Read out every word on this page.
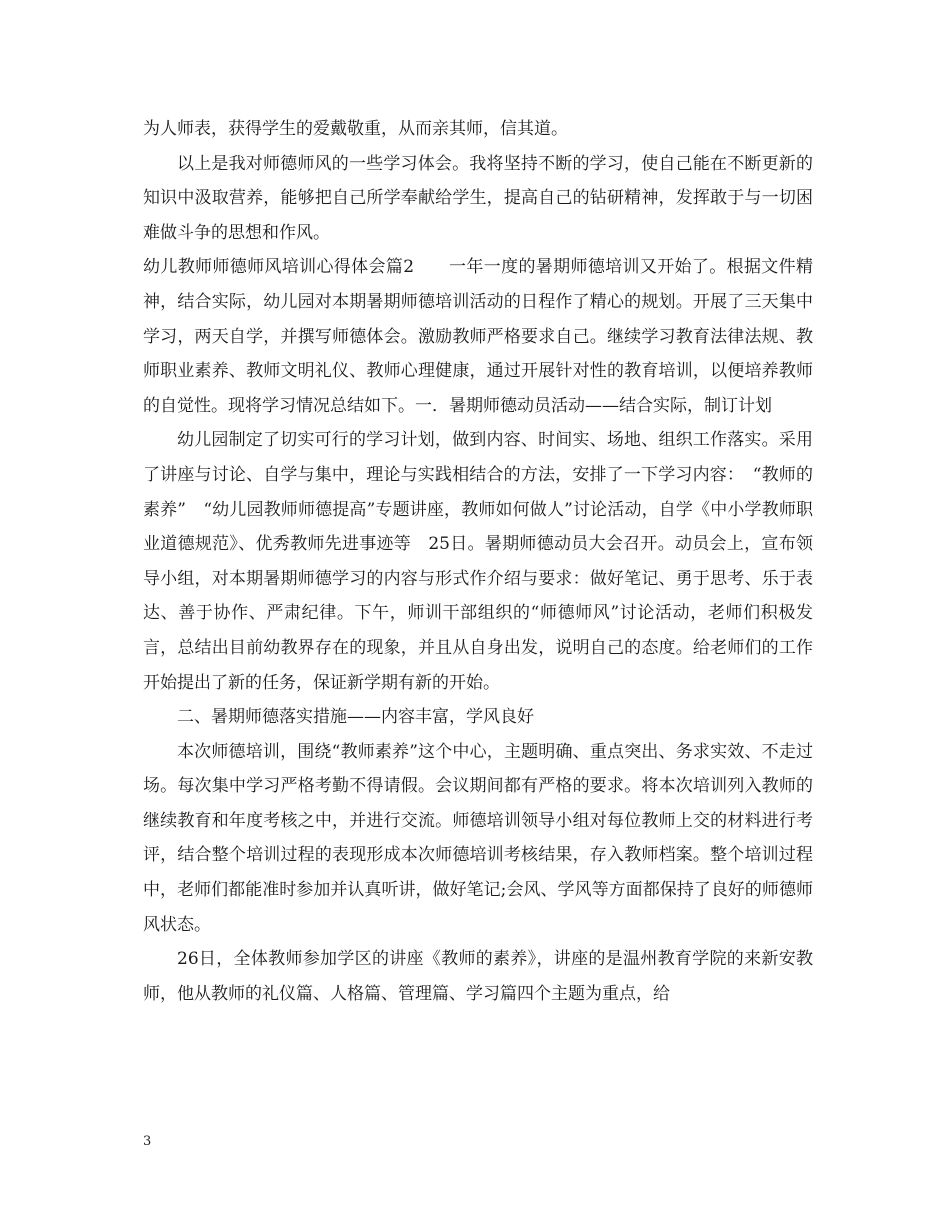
为人师表，获得学生的爱戴敬重，从而亲其师，信其道。

以上是我对师德师风的一些学习体会。我将坚持不断的学习，使自己能在不断更新的知识中汲取营养，能够把自己所学奉献给学生，提高自己的钻研精神，发挥敢于与一切困难做斗争的思想和作风。

幼儿教师师德师风培训心得体会篇2　　一年一度的暑期师德培训又开始了。根据文件精神，结合实际，幼儿园对本期暑期师德培训活动的日程作了精心的规划。开展了三天集中学习，两天自学，并撰写师德体会。激励教师严格要求自己。继续学习教育法律法规、教师职业素养、教师文明礼仪、教师心理健康，通过开展针对性的教育培训，以便培养教师的自觉性。现将学习情况总结如下。一．暑期师德动员活动——结合实际，制订计划

幼儿园制定了切实可行的学习计划，做到内容、时间实、场地、组织工作落实。采用了讲座与讨论、自学与集中，理论与实践相结合的方法，安排了一下学习内容：　“教师的素养”　“幼儿园教师师德提高”专题讲座，教师如何做人”讨论活动，自学《中小学教师职业道德规范》、优秀教师先进事迹等　25日。暑期师德动员大会召开。动员会上，宣布领导小组，对本期暑期师德学习的内容与形式作介绍与要求：做好笔记、勇于思考、乐于表达、善于协作、严肃纪律。下午，师训干部组织的“师德师风”讨论活动，老师们积极发言，总结出目前幼教界存在的现象，并且从自身出发，说明自己的态度。给老师们的工作开始提出了新的任务，保证新学期有新的开始。

二、暑期师德落实措施——内容丰富，学风良好

本次师德培训，围绕“教师素养”这个中心，主题明确、重点突出、务求实效、不走过场。每次集中学习严格考勤不得请假。会议期间都有严格的要求。将本次培训列入教师的继续教育和年度考核之中，并进行交流。师德培训领导小组对每位教师上交的材料进行考评，结合整个培训过程的表现形成本次师德培训考核结果，存入教师档案。整个培训过程中，老师们都能准时参加并认真听讲，做好笔记;会风、学风等方面都保持了良好的师德师风状态。

26日，全体教师参加学区的讲座《教师的素养》，讲座的是温州教育学院的来新安教师，他从教师的礼仪篇、人格篇、管理篇、学习篇四个主题为重点，给

3
